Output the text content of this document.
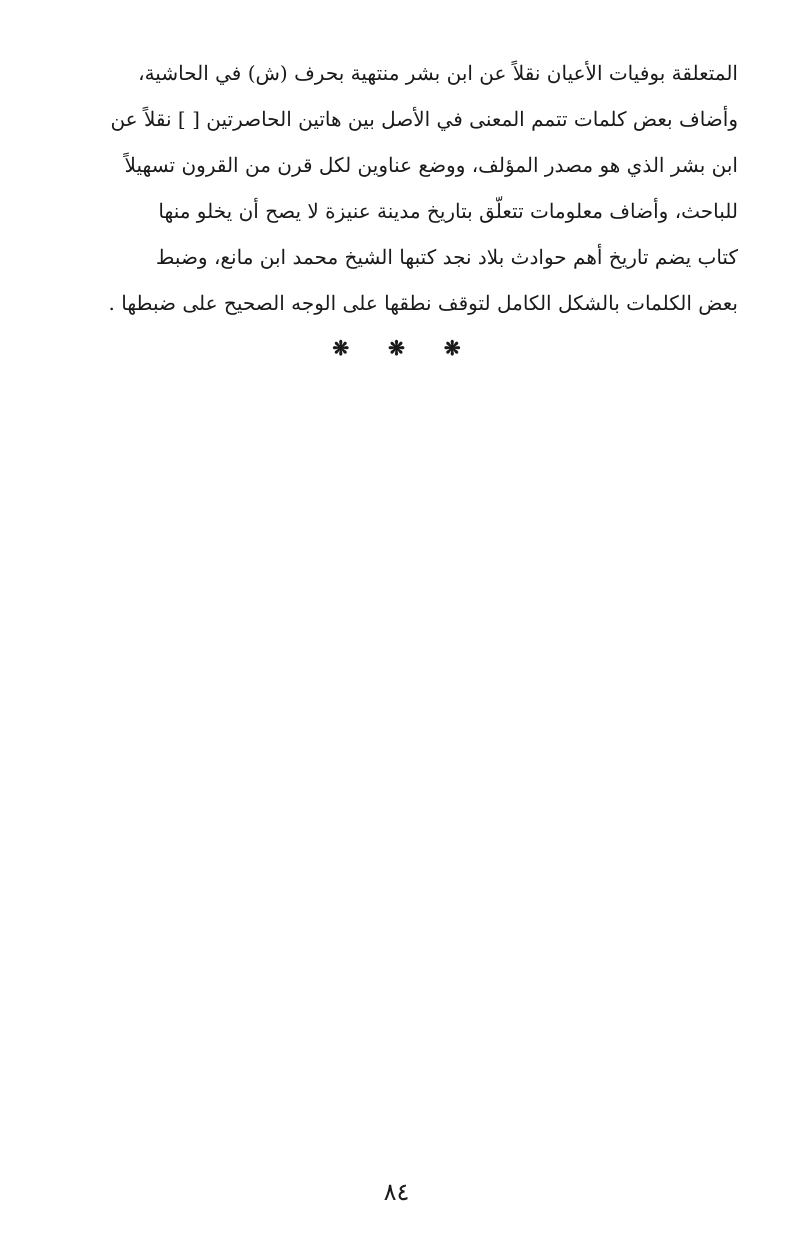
المتعلقة بوفيات الأعيان نقلاً عن ابن بشر منتهية بحرف (ش) في الحاشية،
وأضاف بعض كلمات تتمم المعنى في الأصل بين هاتين الحاصرتين [ ] نقلاً عن
ابن بشر الذي هو مصدر المؤلف، ووضع عناوين لكل قرن من القرون تسهيلاً
للباحث، وأضاف معلومات تتعلّق بتاريخ مدينة عنيزة لا يصح أن يخلو منها
كتاب يضم تاريخ أهم حوادث بلاد نجد كتبها الشيخ محمد ابن مانع، وضبط
بعض الكلمات بالشكل الكامل لتوقف نطقها على الوجه الصحيح على ضبطها .
❋ ❋ ❋
٨٤
